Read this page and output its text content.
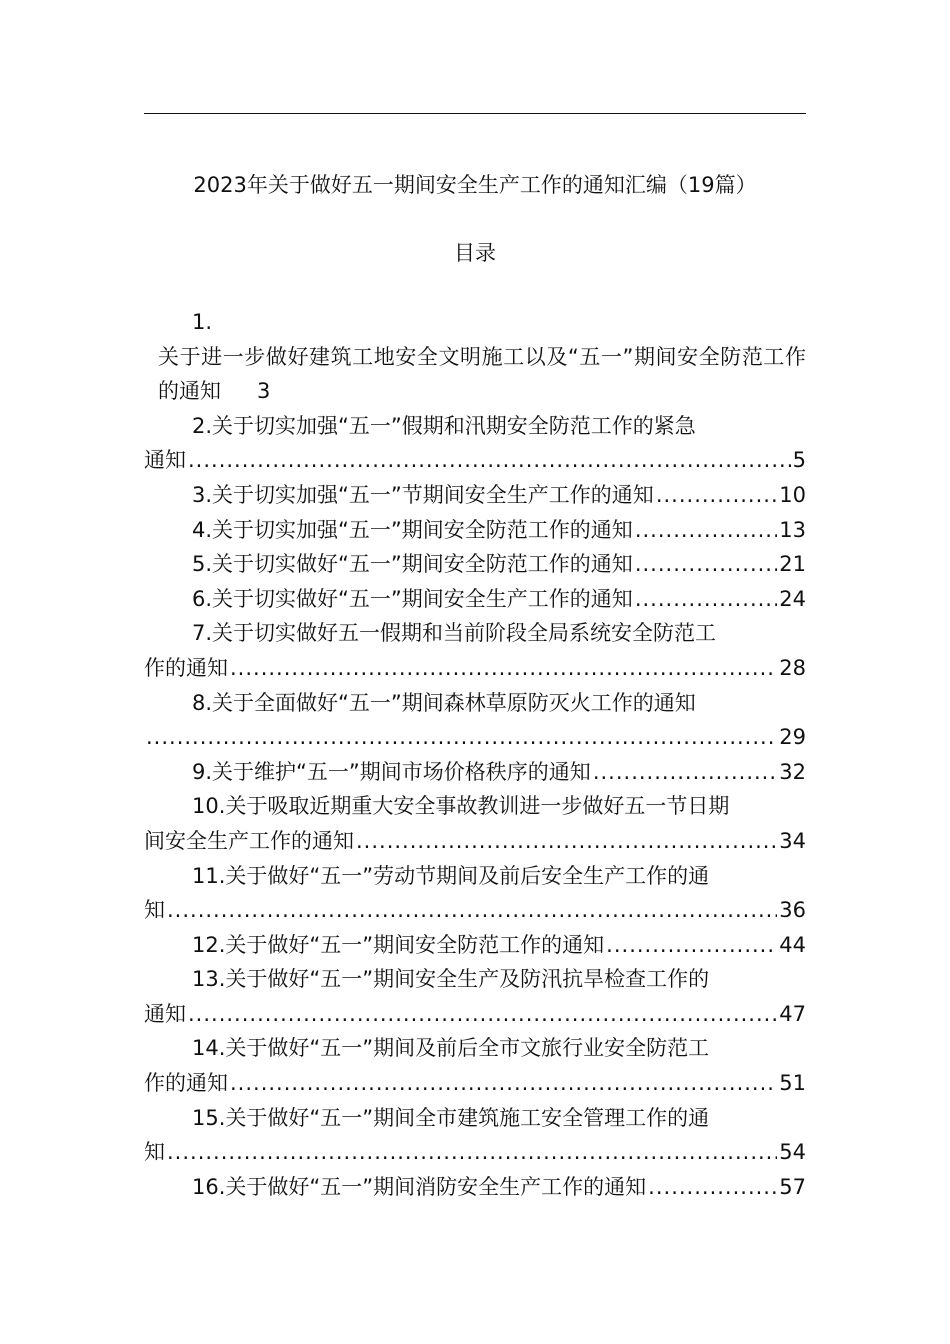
2023年关于做好五一期间安全生产工作的通知汇编（19篇）
目录
1.
关于进一步做好建筑工地安全文明施工以及“五一”期间安全防范工作的通知 3
2.关于切实加强“五一”假期和汛期安全防范工作的紧急
通知 .....	5
3. 关于切实加强“五一”节期间安全生产工作的通知 .....	10
4. 关于切实加强“五一”期间安全防范工作的通知 .....	13
5. 关于切实做好“五一”期间安全防范工作的通知 .....	21
6. 关于切实做好“五一”期间安全生产工作的通知 .....	24
7.关于切实做好五一假期和当前阶段全局系统安全防范工
作的通知 .....	28
8.关于全面做好“五一”期间森林草原防灭火工作的通知
.....
29
9. 关于维护“五一”期间市场价格秩序的通知 .....	32
10.关于吸取近期重大安全事故教训进一步做好五一节日期
间安全生产工作的通知 .....	34
11.关于做好“五一”劳动节期间及前后安全生产工作的通
知 .....	36
12. 关于做好“五一”期间安全防范工作的通知 .....	44
13.关于做好“五一”期间安全生产及防汛抗旱检查工作的
通知 .....	47
14.关于做好“五一”期间及前后全市文旅行业安全防范工
作的通知 .....	51
15.关于做好“五一”期间全市建筑施工安全管理工作的通
知 .....	54
16. 关于做好“五一”期间消防安全生产工作的通知 .....	57
